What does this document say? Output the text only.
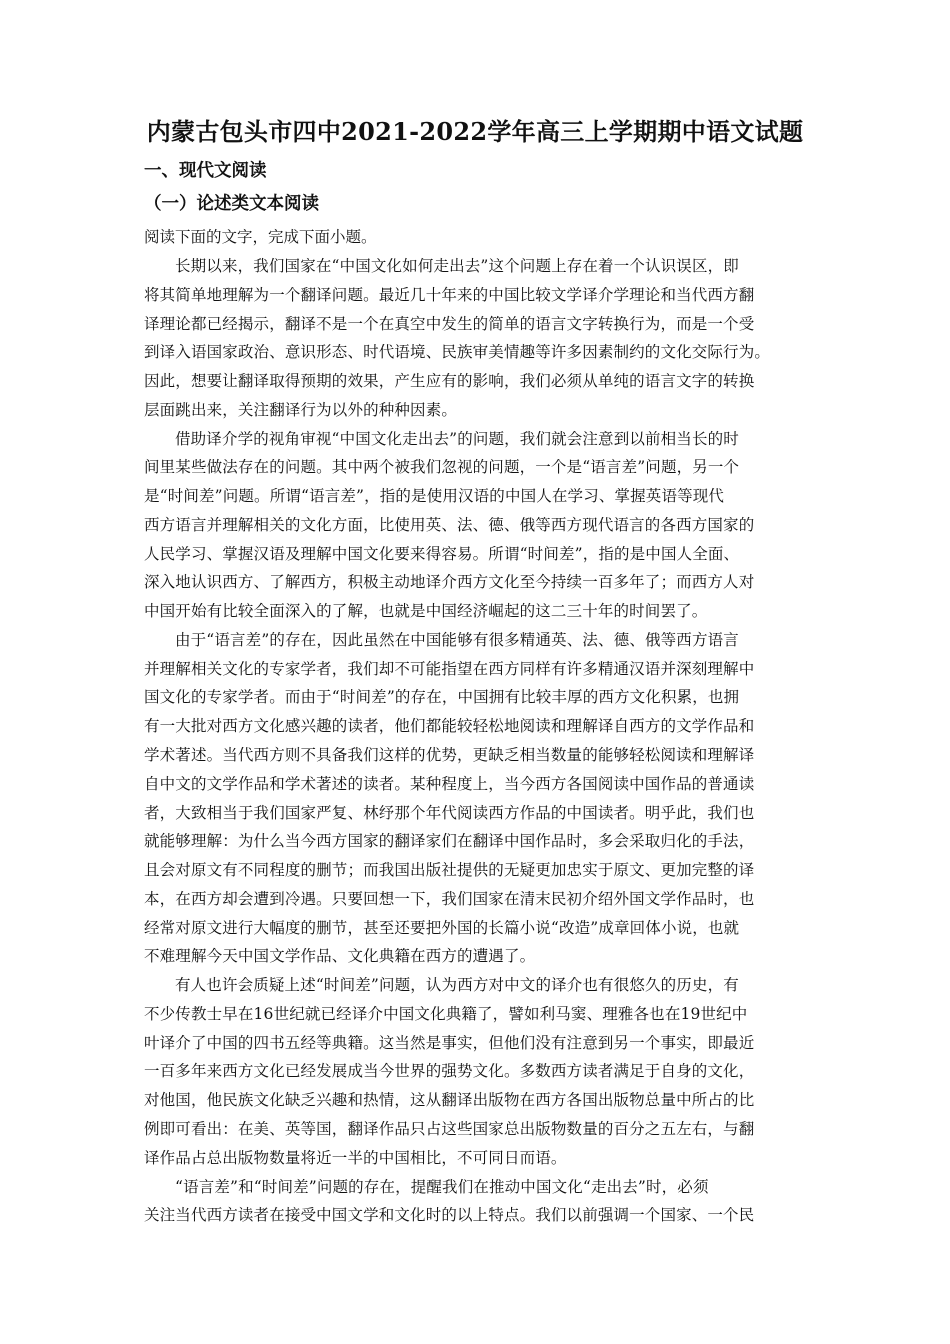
内蒙古包头市四中2021-2022学年高三上学期期中语文试题
一、现代文阅读
（一）论述类文本阅读
阅读下面的文字，完成下面小题。
长期以来，我们国家在“中国文化如何走出去”这个问题上存在着一个认识误区，即
将其简单地理解为一个翻译问题。最近几十年来的中国比较文学译介学理论和当代西方翻
译理论都已经揭示，翻译不是一个在真空中发生的简单的语言文字转换行为，而是一个受
到译入语国家政治、意识形态、时代语境、民族审美情趣等许多因素制约的文化交际行为。
因此，想要让翻译取得预期的效果，产生应有的影响，我们必须从单纯的语言文字的转换
层面跳出来，关注翻译行为以外的种种因素。
借助译介学的视角审视“中国文化走出去”的问题，我们就会注意到以前相当长的时
间里某些做法存在的问题。其中两个被我们忽视的问题，一个是“语言差”问题，另一个
是“时间差”问题。所谓“语言差”，指的是使用汉语的中国人在学习、掌握英语等现代
西方语言并理解相关的文化方面，比使用英、法、德、俄等西方现代语言的各西方国家的
人民学习、掌握汉语及理解中国文化要来得容易。所谓“时间差”，指的是中国人全面、
深入地认识西方、了解西方，积极主动地译介西方文化至今持续一百多年了；而西方人对
中国开始有比较全面深入的了解，也就是中国经济崛起的这二三十年的时间罢了。
由于“语言差”的存在，因此虽然在中国能够有很多精通英、法、德、俄等西方语言
并理解相关文化的专家学者，我们却不可能指望在西方同样有许多精通汉语并深刻理解中
国文化的专家学者。而由于“时间差”的存在，中国拥有比较丰厚的西方文化积累，也拥
有一大批对西方文化感兴趣的读者，他们都能较轻松地阅读和理解译自西方的文学作品和
学术著述。当代西方则不具备我们这样的优势，更缺乏相当数量的能够轻松阅读和理解译
自中文的文学作品和学术著述的读者。某种程度上，当今西方各国阅读中国作品的普通读
者，大致相当于我们国家严复、林纾那个年代阅读西方作品的中国读者。明乎此，我们也
就能够理解：为什么当今西方国家的翻译家们在翻译中国作品时，多会采取归化的手法，
且会对原文有不同程度的删节；而我国出版社提供的无疑更加忠实于原文、更加完整的译
本，在西方却会遭到冷遇。只要回想一下，我们国家在清末民初介绍外国文学作品时，也
经常对原文进行大幅度的删节，甚至还要把外国的长篇小说“改造”成章回体小说，也就
不难理解今天中国文学作品、文化典籍在西方的遭遇了。
有人也许会质疑上述“时间差”问题，认为西方对中文的译介也有很悠久的历史，有
不少传教士早在16世纪就已经译介中国文化典籍了，譬如利马窦、理雅各也在19世纪中
叶译介了中国的四书五经等典籍。这当然是事实，但他们没有注意到另一个事实，即最近
一百多年来西方文化已经发展成当今世界的强势文化。多数西方读者满足于自身的文化，
对他国，他民族文化缺乏兴趣和热情，这从翻译出版物在西方各国出版物总量中所占的比
例即可看出：在美、英等国，翻译作品只占这些国家总出版物数量的百分之五左右，与翻
译作品占总出版物数量将近一半的中国相比，不可同日而语。
“语言差”和“时间差”问题的存在，提醒我们在推动中国文化“走出去”时，必须
关注当代西方读者在接受中国文学和文化时的以上特点。我们以前强调一个国家、一个民
